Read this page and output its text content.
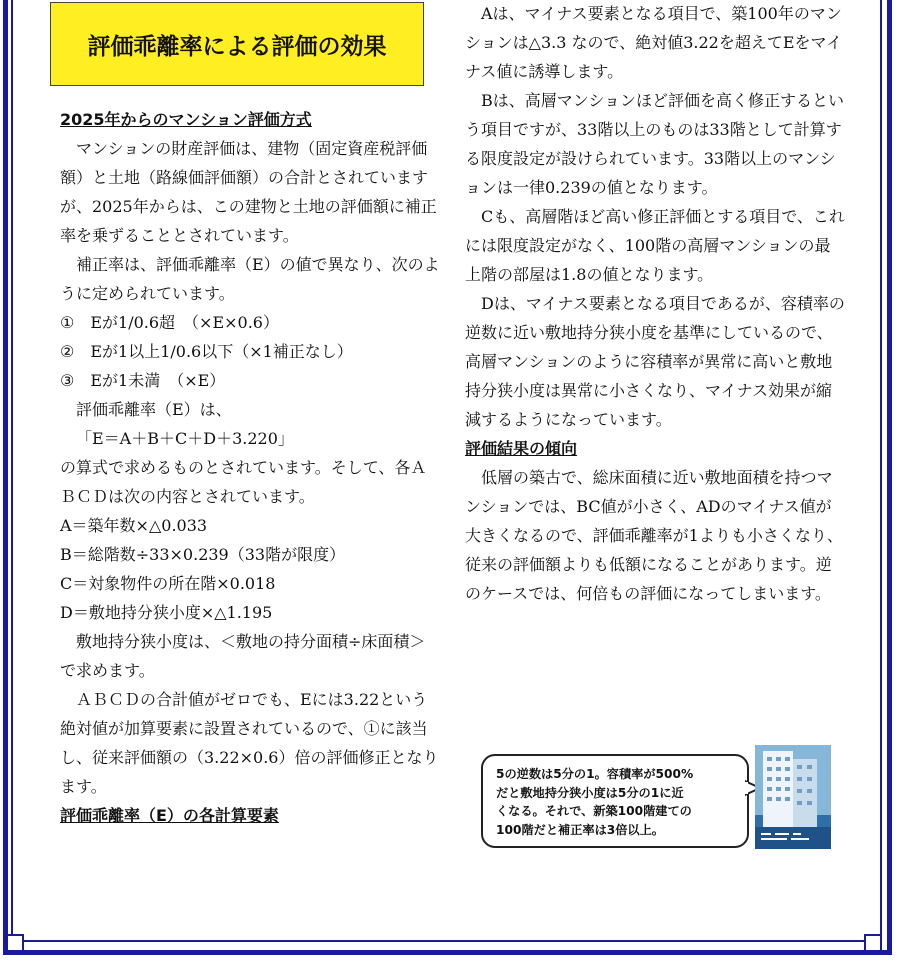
評価乖離率による評価の効果

2025年からのマンション評価方式

マンションの財産評価は、建物（固定資産税評価額）と土地（路線価評価額）の合計とされていますが、2025年からは、この建物と土地の評価額に補正率を乗ずることとされています。

補正率は、評価乖離率（E）の値で異なり、次のように定められています。

①　Eが1/0.6超　（×E×0.6）

②　Eが1以上1/0.6以下（×1補正なし）

③　Eが1未満　（×E）

評価乖離率（E）は、

「E＝A＋B＋C＋D＋3.220」

の算式で求めるものとされています。そして、各ＡＢＣＤは次の内容とされています。

A＝築年数×△0.033

B＝総階数÷33×0.239（33階が限度）

C＝対象物件の所在階×0.018

D＝敷地持分狭小度×△1.195

敷地持分狭小度は、＜敷地の持分面積÷床面積＞で求めます。

ＡＢＣＤの合計値がゼロでも、Eには3.22という絶対値が加算要素に設置されているので、①に該当し、従来評価額の（3.22×0.6）倍の評価修正となります。

評価乖離率（E）の各計算要素

Aは、マイナス要素となる項目で、築100年のマンションは△3.3 なので、絶対値3.22を超えてEをマイナス値に誘導します。

Bは、高層マンションほど評価を高く修正するという項目ですが、33階以上のものは33階として計算する限度設定が設けられています。33階以上のマンションは一律0.239の値となります。

Cも、高層階ほど高い修正評価とする項目で、これには限度設定がなく、100階の高層マンションの最上階の部屋は1.8の値となります。

Dは、マイナス要素となる項目であるが、容積率の逆数に近い敷地持分狭小度を基準にしているので、高層マンションのように容積率が異常に高いと敷地持分狭小度は異常に小さくなり、マイナス効果が縮減するようになっています。

評価結果の傾向

低層の築古で、総床面積に近い敷地面積を持つマンションでは、BC値が小さく、ADのマイナス値が大きくなるので、評価乖離率が1よりも小さくなり、従来の評価額よりも低額になることがあります。逆のケースでは、何倍もの評価になってしまいます。

5の逆数は5分の1。容積率が500%

だと敷地持分狭小度は5分の1に近

くなる。それで、新築100階建ての

100階だと補正率は3倍以上。
